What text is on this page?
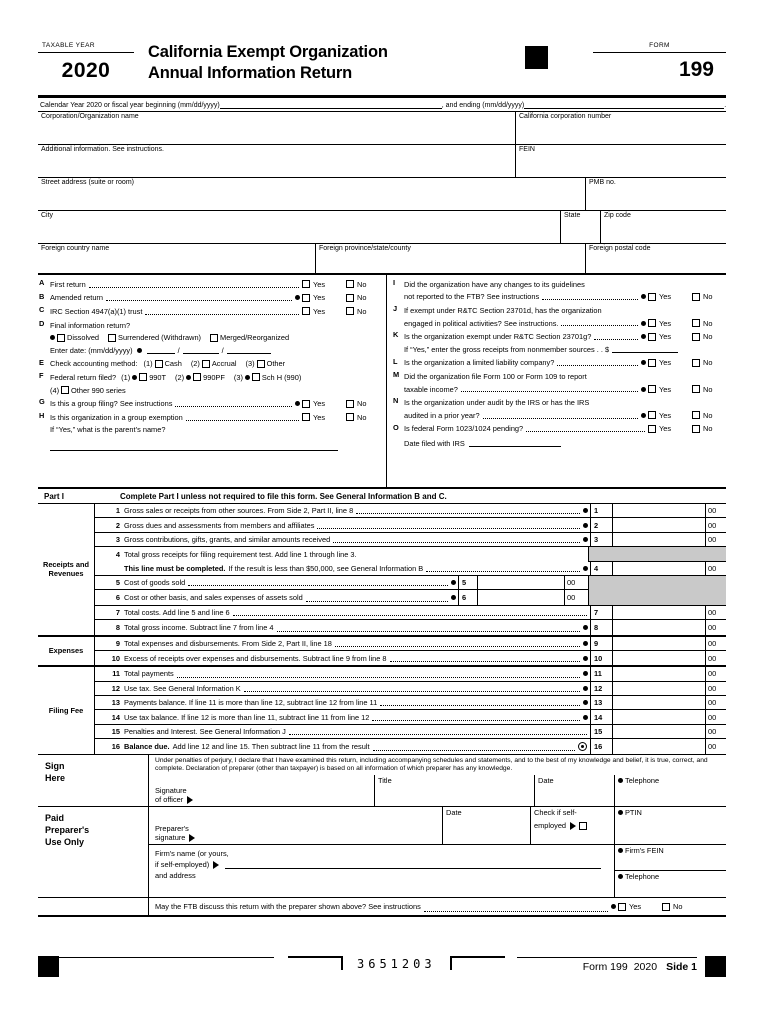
TAXABLE YEAR
2020
California Exempt Organization
Annual Information Return
FORM
199
Calendar Year 2020 or fiscal year beginning (mm/dd/yyyy)	, and ending (mm/dd/yyyy)	.
Corporation/Organization name	California corporation number
Additional information. See instructions.	FEIN
Street address (suite or room)	PMB no.
City	State	Zip code
Foreign country name	Foreign province/state/county	Foreign postal code
A First return	Yes	No
B Amended return	Yes	No
C IRC Section 4947(a)(1) trust	Yes	No
D Final information return?
Dissolved	Surrendered (Withdrawn)	Merged/Reorganized
Enter date: (mm/dd/yyyy)	/	/
E Check accounting method: (1) Cash (2) Accrual (3) Other
F Federal return filed? (1)	990T (2)	990PF (3)	Sch H (990)
(4) Other 990 series
G Is this a group filing? See instructions	Yes	No
H Is this organization in a group exemption	Yes	No
If “Yes,” what is the parent’s name?
I	Did the organization have any changes to its guidelines
not reported to the FTB? See instructions	Yes	No
J If exempt under R&TC Section 23701d, has the organization
engaged in political activities? See instructions.	Yes	No
K Is the organization exempt under R&TC Section 23701g?	Yes	No
If “Yes,” enter the gross receipts from nonmember sources . . $
L Is the organization a limited liability company?	Yes	No
M Did the organization file Form 100 or Form 109 to report
taxable income?	Yes	No
N Is the organization under audit by the IRS or has the IRS
audited in a prior year?	Yes	No
O Is federal Form 1023/1024 pending?	Yes	No
Date filed with IRS
Part I	Complete Part I unless not required to file this form. See General Information B and C.
Receipts and Revenues
1 Gross sales or receipts from other sources. From Side 2, Part II, line 8	1	00
2 Gross dues and assessments from members and affiliates	2	00
3 Gross contributions, gifts, grants, and similar amounts received	3	00
4 Total gross receipts for filing requirement test. Add line 1 through line 3.
This line must be completed. If the result is less than $50,000, see General Information B	4	00
5 Cost of goods sold	5	00
6 Cost or other basis, and sales expenses of assets sold	6	00
7 Total costs. Add line 5 and line 6	7	00
8 Total gross income. Subtract line 7 from line 4	8	00
Expenses
9 Total expenses and disbursements. From Side 2, Part II, line 18	9	00
10 Excess of receipts over expenses and disbursements. Subtract line 9 from line 8	10	00
Filing Fee
11 Total payments	11	00
12 Use tax. See General Information K	12	00
13 Payments balance. If line 11 is more than line 12, subtract line 12 from line 11	13	00
14 Use tax balance. If line 12 is more than line 11, subtract line 11 from line 12	14	00
15 Penalties and Interest. See General Information J	15	00
16 Balance due. Add line 12 and line 15. Then subtract line 11 from the result	16	00
Sign
Here
Under penalties of perjury, I declare that I have examined this return, including accompanying schedules and statements, and to the best of my knowledge and belief, it is true, correct, and complete. Declaration of preparer (other than taxpayer) is based on all information of which preparer has any knowledge.
Signature
of officer
Title	Date	Telephone
Paid
Preparer's
Use Only
Preparer's
signature
Date	Check if self-
employed
PTIN
Firm's name (or yours,
if self-employed)
and address
Firm's FEIN
Telephone
May the FTB discuss this return with the preparer shown above? See instructions	Yes	No
3651203	Form 199 2020 Side 1
